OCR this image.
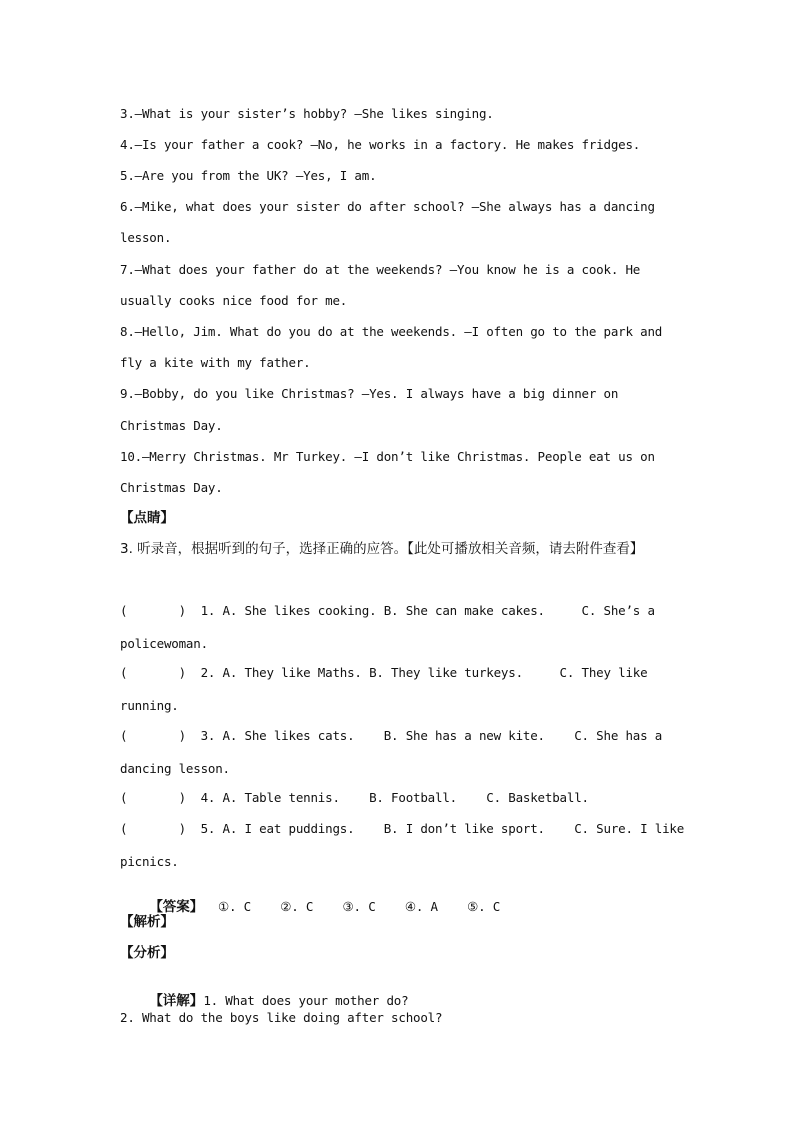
3.—What is your sister’s hobby? —She likes singing.
4.—Is your father a cook? —No, he works in a factory. He makes fridges.
5.—Are you from the UK? —Yes, I am.
6.—Mike, what does your sister do after school? —She always has a dancing
lesson.
7.—What does your father do at the weekends? —You know he is a cook. He
usually cooks nice food for me.
8.—Hello, Jim. What do you do at the weekends. —I often go to the park and
fly a kite with my father.
9.—Bobby, do you like Christmas? —Yes. I always have a big dinner on
Christmas Day.
10.—Merry Christmas. Mr Turkey. —I don’t like Christmas. People eat us on
Christmas Day.
【点睛】
3. 听录音，根据听到的句子，选择正确的应答。【此处可播放相关音频，请去附件查看】
(       )  1. A. She likes cooking. B. She can make cakes.     C. She’s a
policewoman.
(       )  2. A. They like Maths. B. They like turkeys.     C. They like
running.
(       )  3. A. She likes cats.    B. She has a new kite.    C. She has a
dancing lesson.
(       )  4. A. Table tennis.    B. Football.    C. Basketball.
(       )  5. A. I eat puddings.    B. I don’t like sport.    C. Sure. I like
picnics.

【答案】  ①. C    ②. C    ③. C    ④. A    ⑤. C

【解析】
【分析】

【详解】1. What does your mother do?

2. What do the boys like doing after school?
